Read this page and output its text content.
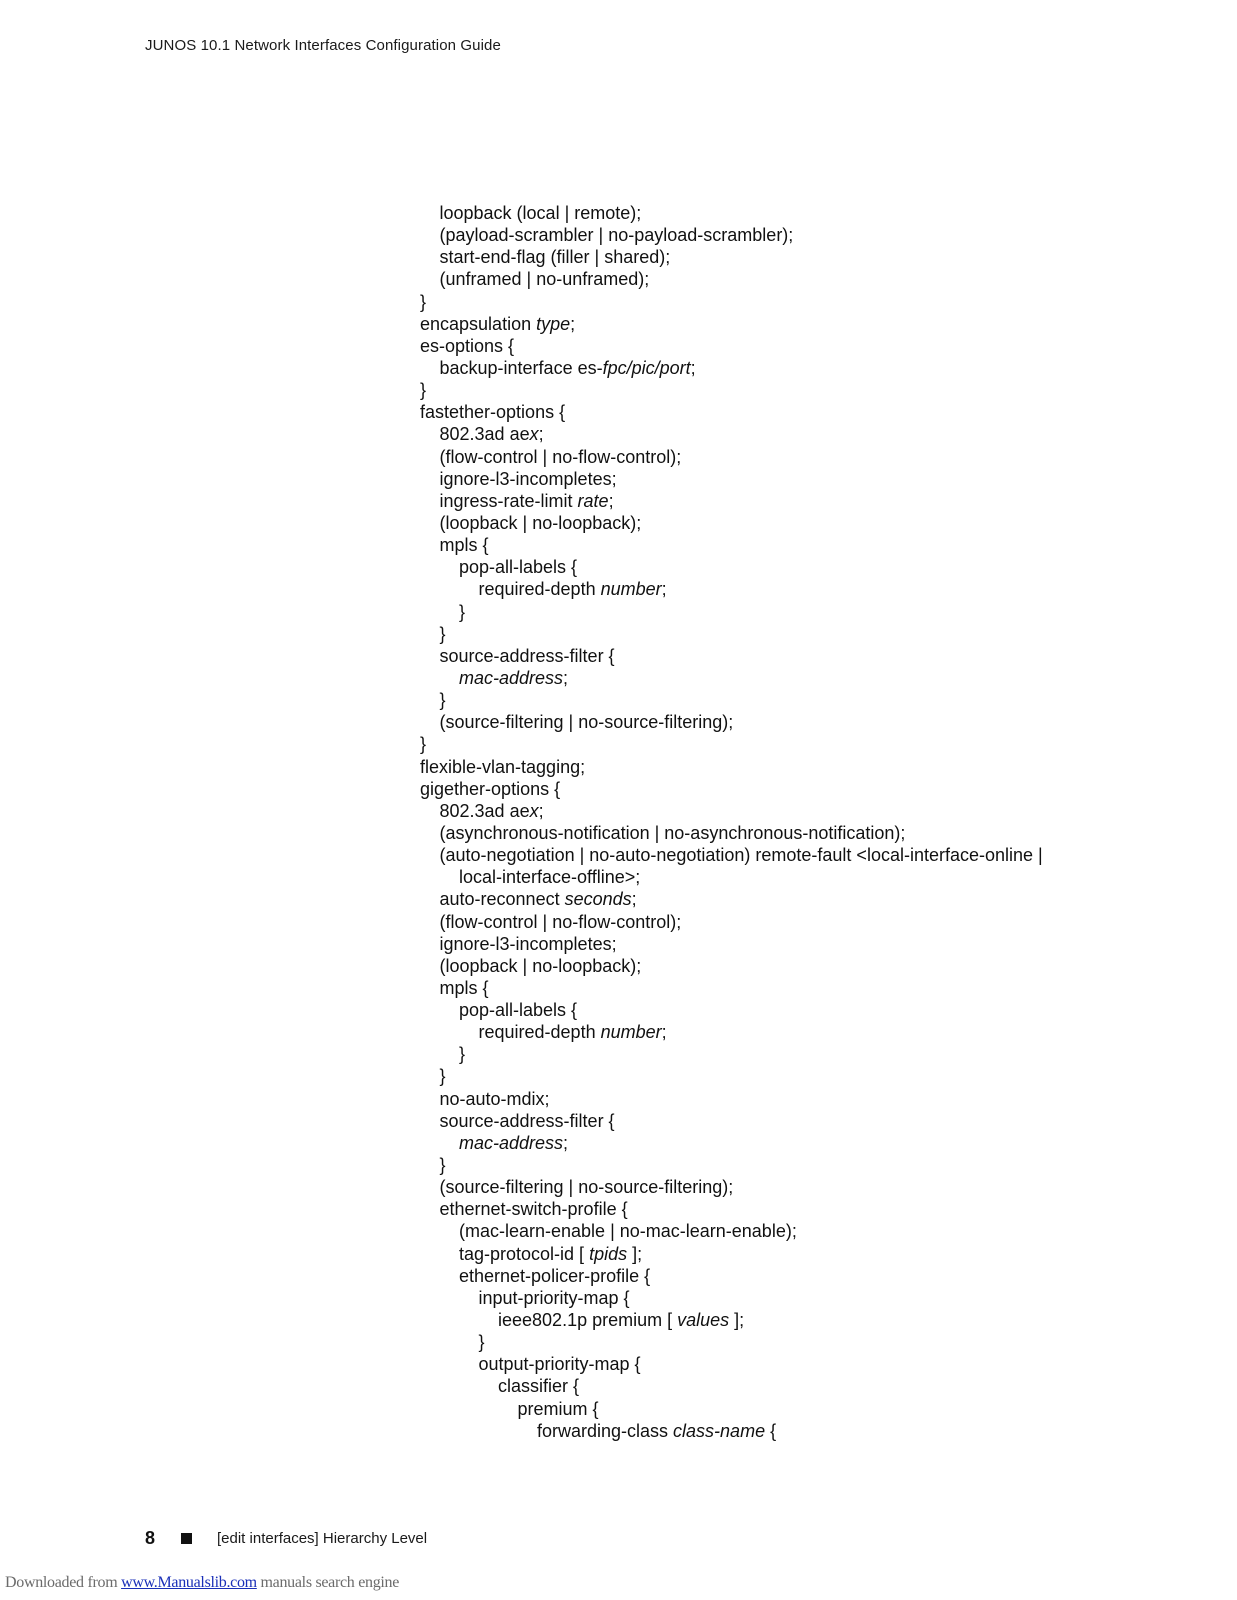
JUNOS 10.1 Network Interfaces Configuration Guide
loopback (local | remote);
(payload-scrambler | no-payload-scrambler);
start-end-flag (filler | shared);
(unframed | no-unframed);
}
encapsulation type;
es-options {
backup-interface es-fpc/pic/port;
}
fastether-options {
802.3ad aex;
(flow-control | no-flow-control);
ignore-l3-incompletes;
ingress-rate-limit rate;
(loopback | no-loopback);
mpls {
pop-all-labels {
required-depth number;
}
}
source-address-filter {
mac-address;
}
(source-filtering | no-source-filtering);
}
flexible-vlan-tagging;
gigether-options {
802.3ad aex;
(asynchronous-notification | no-asynchronous-notification);
(auto-negotiation | no-auto-negotiation) remote-fault <local-interface-online |
local-interface-offline>;
auto-reconnect seconds;
(flow-control | no-flow-control);
ignore-l3-incompletes;
(loopback | no-loopback);
mpls {
pop-all-labels {
required-depth number;
}
}
no-auto-mdix;
source-address-filter {
mac-address;
}
(source-filtering | no-source-filtering);
ethernet-switch-profile {
(mac-learn-enable | no-mac-learn-enable);
tag-protocol-id [ tpids ];
ethernet-policer-profile {
input-priority-map {
ieee802.1p premium [ values ];
}
output-priority-map {
classifier {
premium {
forwarding-class class-name {
8	[edit interfaces] Hierarchy Level
Downloaded from www.Manualslib.com manuals search engine
